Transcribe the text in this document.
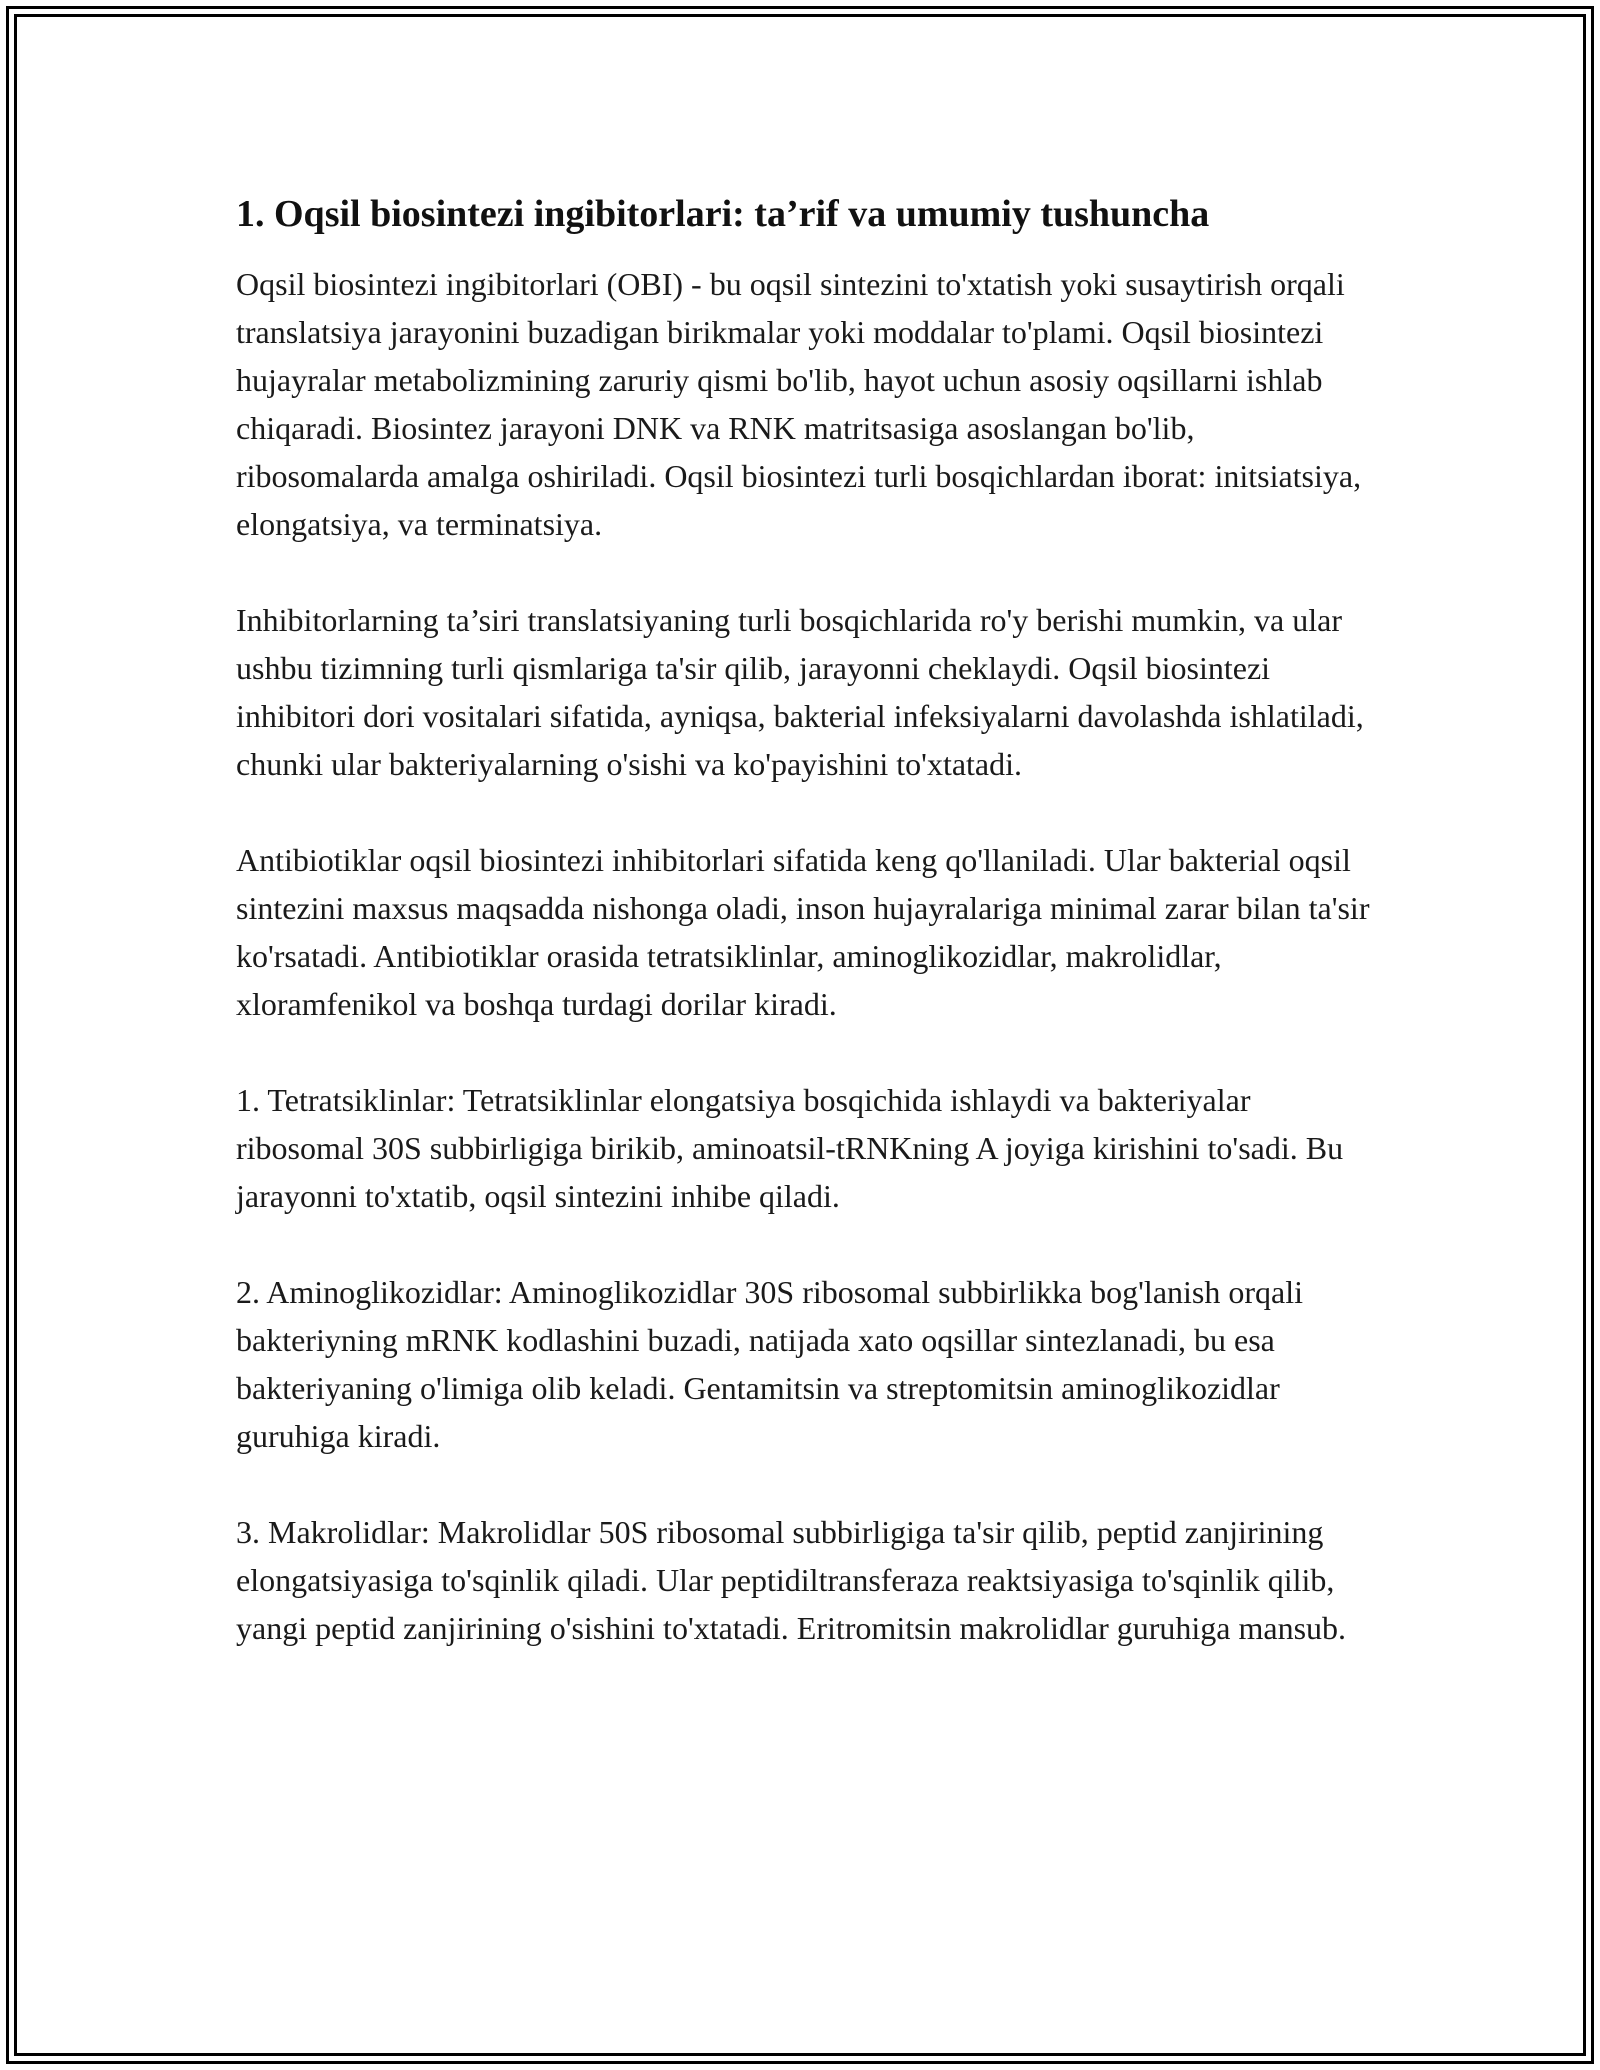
1. Oqsil biosintezi ingibitorlari: ta’rif va umumiy tushuncha

Oqsil biosintezi ingibitorlari (OBI) - bu oqsil sintezini to'xtatish yoki susaytirish orqali translatsiya jarayonini buzadigan birikmalar yoki moddalar to'plami. Oqsil biosintezi hujayralar metabolizmining zaruriy qismi bo'lib, hayot uchun asosiy oqsillarni ishlab chiqaradi. Biosintez jarayoni DNK va RNK matritsasiga asoslangan bo'lib, ribosomalarda amalga oshiriladi. Oqsil biosintezi turli bosqichlardan iborat: initsiatsiya, elongatsiya, va terminatsiya.

Inhibitorlarning ta’siri translatsiyaning turli bosqichlarida ro'y berishi mumkin, va ular ushbu tizimning turli qismlariga ta'sir qilib, jarayonni cheklaydi. Oqsil biosintezi inhibitori dori vositalari sifatida, ayniqsa, bakterial infeksiyalarni davolashda ishlatiladi, chunki ular bakteriyalarning o'sishi va ko'payishini to'xtatadi.

Antibiotiklar oqsil biosintezi inhibitorlari sifatida keng qo'llaniladi. Ular bakterial oqsil sintezini maxsus maqsadda nishonga oladi, inson hujayralariga minimal zarar bilan ta'sir ko'rsatadi. Antibiotiklar orasida tetratsiklinlar, aminoglikozidlar, makrolidlar, xloramfenikol va boshqa turdagi dorilar kiradi.

1. Tetratsiklinlar: Tetratsiklinlar elongatsiya bosqichida ishlaydi va bakteriyalar ribosomal 30S subbirligiga birikib, aminoatsil-tRNKning A joyiga kirishini to'sadi. Bu jarayonni to'xtatib, oqsil sintezini inhibe qiladi.

2. Aminoglikozidlar: Aminoglikozidlar 30S ribosomal subbirlikka bog'lanish orqali bakteriyning mRNK kodlashini buzadi, natijada xato oqsillar sintezlanadi, bu esa bakteriyaning o'limiga olib keladi. Gentamitsin va streptomitsin aminoglikozidlar guruhiga kiradi.

3. Makrolidlar: Makrolidlar 50S ribosomal subbirligiga ta'sir qilib, peptid zanjirining elongatsiyasiga to'sqinlik qiladi. Ular peptidiltransferaza reaktsiyasiga to'sqinlik qilib, yangi peptid zanjirining o'sishini to'xtatadi. Eritromitsin makrolidlar guruhiga mansub.
